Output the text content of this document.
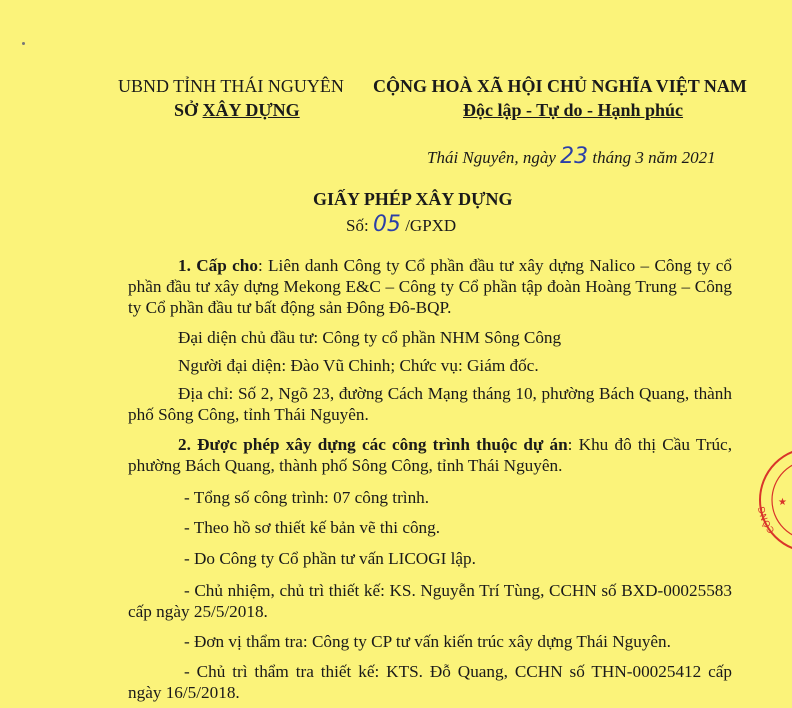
UBND TỈNH THÁI NGUYÊN
SỞ XÂY DỰNG
CỘNG HOÀ XÃ HỘI CHỦ NGHĨA VIỆT NAM
Độc lập - Tự do - Hạnh phúc
Thái Nguyên, ngày 23 tháng 3 năm 2021
GIẤY PHÉP XÂY DỰNG
Số: 05 /GPXD
1. Cấp cho: Liên danh Công ty Cổ phần đầu tư xây dựng Nalico – Công ty cổ phần đầu tư xây dựng Mekong E&C – Công ty Cổ phần tập đoàn Hoàng Trung – Công ty Cổ phần đầu tư bất động sản Đông Đô-BQP.
Đại diện chủ đầu tư: Công ty cổ phần NHM Sông Công
Người đại diện: Đào Vũ Chinh; Chức vụ: Giám đốc.
Địa chỉ: Số 2, Ngõ 23, đường Cách Mạng tháng 10, phường Bách Quang, thành phố Sông Công, tỉnh Thái Nguyên.
2. Được phép xây dựng các công trình thuộc dự án: Khu đô thị Cầu Trúc, phường Bách Quang, thành phố Sông Công, tỉnh Thái Nguyên.
- Tổng số công trình: 07 công trình.
- Theo hồ sơ thiết kế bản vẽ thi công.
- Do Công ty Cổ phần tư vấn LICOGI lập.
- Chủ nhiệm, chủ trì thiết kế: KS. Nguyễn Trí Tùng, CCHN số BXD-00025583 cấp ngày 25/5/2018.
- Đơn vị thẩm tra: Công ty CP tư vấn kiến trúc xây dựng Thái Nguyên.
- Chủ trì thẩm tra thiết kế: KTS. Đỗ Quang, CCHN số THN-00025412 cấp ngày 16/5/2018.
CÔNG
★
